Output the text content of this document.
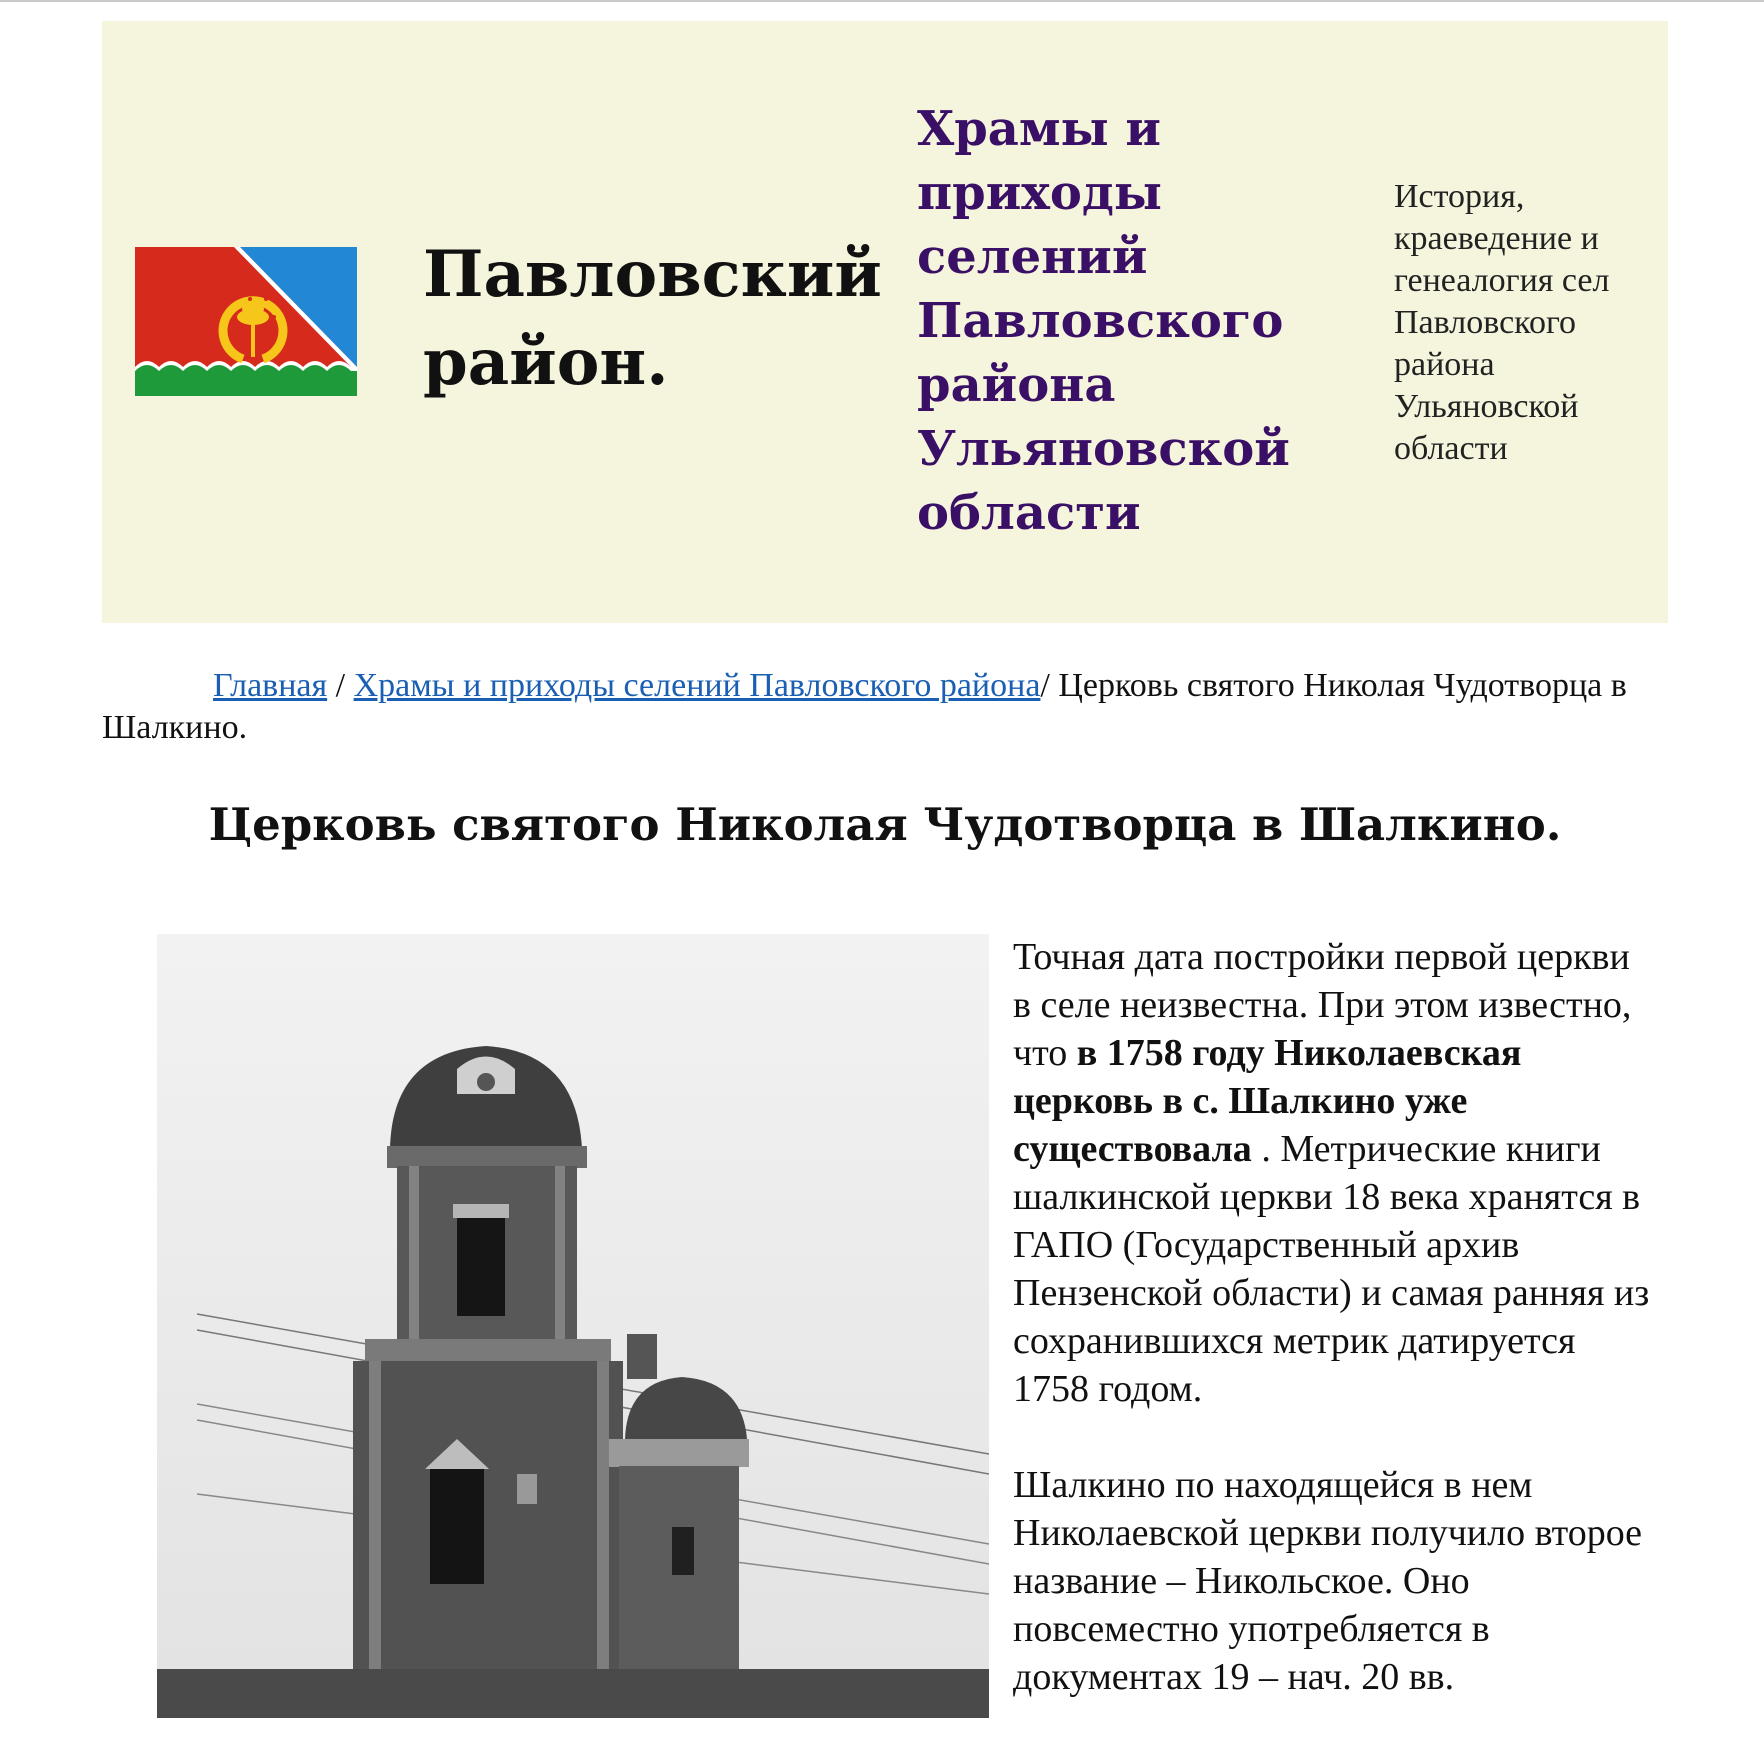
Павловский район.
Храмы и приходы селений Павловского района Ульяновской области
История, краеведение и генеалогия сел Павловского района Ульяновской области
Главная / Храмы и приходы селений Павловского района/ Церковь святого Николая Чудотворца в Шалкино.
Церковь святого Николая Чудотворца в Шалкино.

Точная дата постройки первой церкви в селе неизвестна. При этом известно, что в 1758 году Николаевская церковь в с. Шалкино уже существовала . Метрические книги шалкинской церкви 18 века хранятся в ГАПО (Государственный архив Пензенской области) и самая ранняя из сохранившихся метрик датируется 1758 годом.

Шалкино по находящейся в нем Николаевской церкви получило второе название – Никольское. Оно повсеместно употребляется в документах 19 – нач. 20 вв.
